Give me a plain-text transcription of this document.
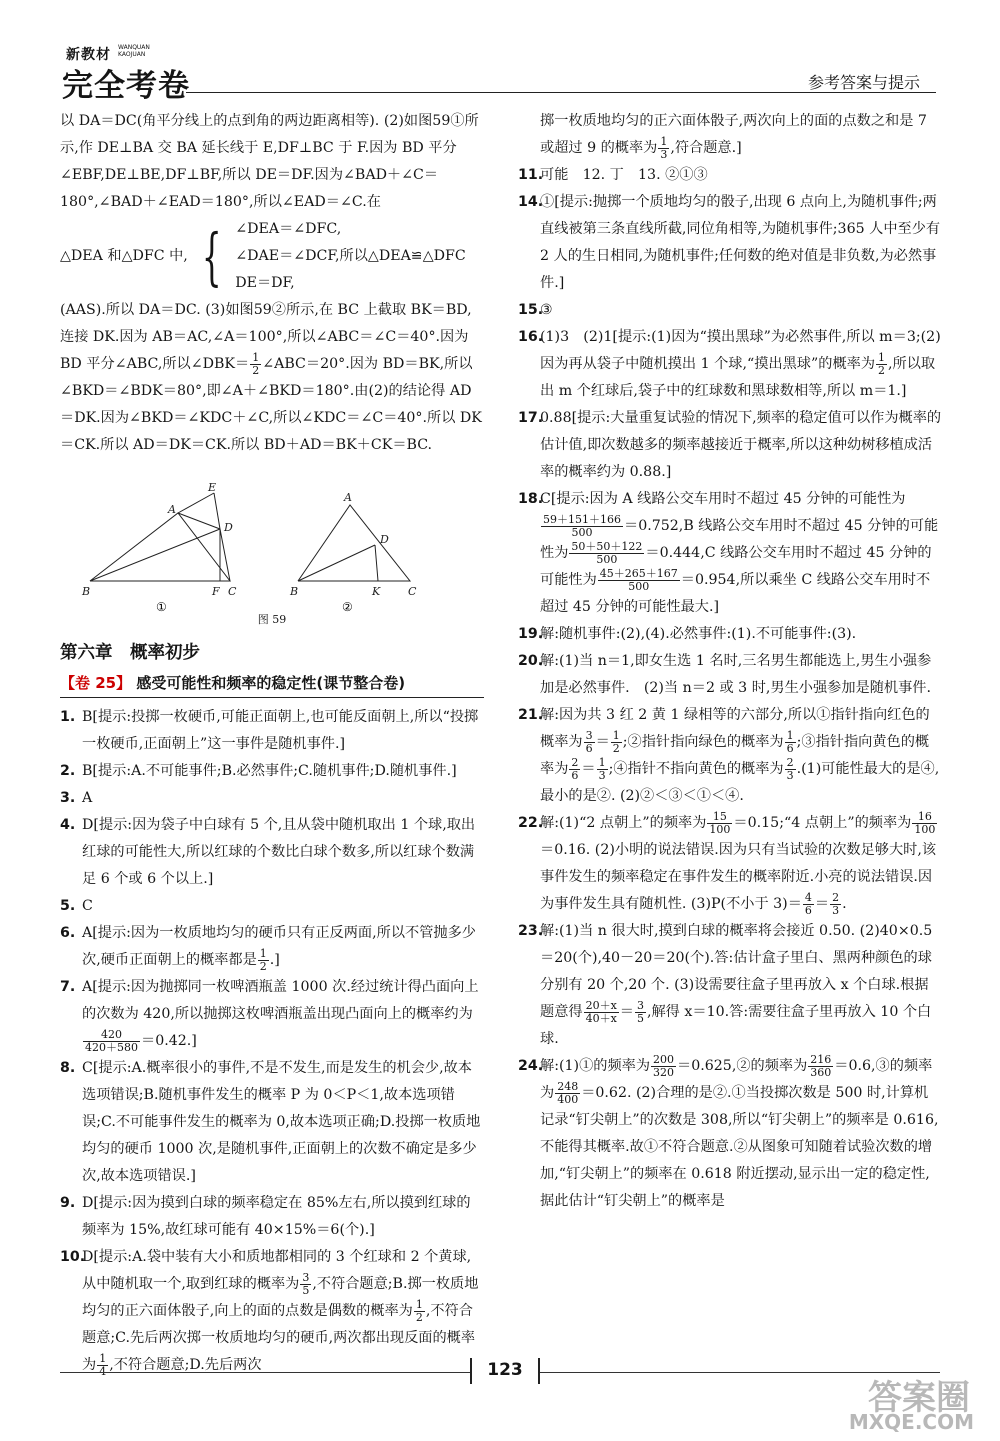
新教材 WANQUAN
KAOJUAN
完全考卷	参考答案与提示

以 DA＝DC(角平分线上的点到角的两边距离相等). (2)如图59①所示,作 DE⊥BA 交 BA 延长线于 E,DF⊥BC 于 F.因为 BD 平分∠EBF,DE⊥BE,DF⊥BF,所以 DE＝DF.因为∠BAD＋∠C＝180°,∠BAD＋∠EAD＝180°,所以∠EAD＝∠C.在

△DEA 和△DFC 中, { ∠DEA＝∠DFC,
∠DAE＝∠DCF,所以△DEA≌△DFC
DE＝DF,

(AAS).所以 DA＝DC. (3)如图59②所示,在 BC 上截取 BK＝BD,连接 DK.因为 AB＝AC,∠A＝100°,所以∠ABC＝∠C＝40°.因为 BD 平分∠ABC,所以∠DBK＝ $\frac{1}{2}$ ∠ABC＝20°.因为 BD＝BK,所以∠BKD＝∠BDK＝80°,即∠A＋∠BKD＝180°.由(2)的结论得 AD＝DK.因为∠BKD＝∠KDC＋∠C,所以∠KDC＝∠C＝40°.所以 DK＝CK.所以 AD＝DK＝CK.所以 BD＋AD＝BK＋CK＝BC.

E
A
D
B	F C
①
A
D
B	K	C
②
图 59
第六章　概率初步
【卷 25】 感受可能性和频率的稳定性(课节整合卷)
1. B[提示:投掷一枚硬币,可能正面朝上,也可能反面朝上,所以“投掷一枚硬币,正面朝上”这一事件是随机事件.]
2. B[提示:A.不可能事件;B.必然事件;C.随机事件;D.随机事件.]
3. A
4. D[提示:因为袋子中白球有 5 个,且从袋中随机取出 1 个球,取出红球的可能性大,所以红球的个数比白球个数多,所以红球个数满足 6 个或 6 个以上.]
5. C
6. A[提示:因为一枚质地均匀的硬币只有正反两面,所以不管抛多少次,硬币正面朝上的概率都是 $\frac{1}{2}$ .]
7. A[提示:因为抛掷同一枚啤酒瓶盖 1000 次.经过统计得凸面向上的次数为 420,所以抛掷这枚啤酒瓶盖出现凸面向上的概率约为
$\frac{420}{420+580} =0.42$.]
8. C[提示:A.概率很小的事件,不是不发生,而是发生的机会少,故本选项错误;B.随机事件发生的概率 P 为 0＜P＜1,故本选项错误;C.不可能事件发生的概率为 0,故本选项正确;D.投掷一枚质地均匀的硬币 1000 次,是随机事件,正面朝上的次数不确定是多少次,故本选项错误.]
9. D[提示:因为摸到白球的频率稳定在 85%左右,所以摸到红球的频率为 15%,故红球可能有 40×15%＝6(个).]
10.
D[提示:A.袋中装有大小和质地都相同的 3 个红球和 2 个黄球,从中随机取一个,取到红球的概率为 $\frac{3}{5}$ ,不符合题意;B.掷一枚质地均匀的正六面体骰子,向上的面的点数是偶数的概率为 $\frac{1}{2}$ ,不符合题意;C.先后两次掷一枚质地均匀的硬币,两次都出现反面的概率为 $\frac{1}{4}$ ,不符合题意;D.先后两次
掷一枚质地均匀的正六面体骰子,两次向上的面的点数之和是 7 或超过 9 的概率为 $\frac{1}{3}$ ,符合题意.]
11.
可能　12. 丁　13. ②①③
14.
①[提示:抛掷一个质地均匀的骰子,出现 6 点向上,为随机事件;两直线被第三条直线所截,同位角相等,为随机事件;365 人中至少有 2 人的生日相同,为随机事件;任何数的绝对值是非负数,为必然事件.]
15.
③
16.
(1)3　(2)1[提示:(1)因为“摸出黑球”为必然事件,所以 m＝3;(2)因为再从袋子中随机摸出 1 个球,“摸出黑球”的概率为 $\frac{1}{2}$ ,所以取出 m 个红球后,袋子中的红球数和黑球数相等,所以 m＝1.]
17.
0.88[提示:大量重复试验的情况下,频率的稳定值可以作为概率的估计值,即次数越多的频率越接近于概率,所以这种幼树移植成活率的概率约为 0.88.]
18.
C[提示:因为 A 线路公交车用时不超过 45 分钟的可能性为
$\frac{59+151+166}{500} =0.752,B$ 线路公交车用时不超过 45 分钟的可能性为 $\frac{50+50+122}{500} =0.444,C$ 线路公交车用时不超过 45 分钟的可能性为 $\frac{45+265+167}{500} =0.954$,所以乘坐 C 线路公交车用时不超过 45 分钟的可能性最大.]
19.
解:随机事件:(2),(4).必然事件:(1).不可能事件:(3).
20.
解:(1)当 n＝1,即女生选 1 名时,三名男生都能选上,男生小强参加是必然事件.　(2)当 n＝2 或 3 时,男生小强参加是随机事件.
21.
解:因为共 3 红 2 黄 1 绿相等的六部分,所以①指针指向红色的概率为 $\frac{3}{6} = \frac{1}{2}$ ;②指针指向绿色的概率为 $\frac{1}{6}$ ;③指针指向黄色的概率为 $\frac{2}{6} = \frac{1}{3}$ ;④指针不指向黄色的概率为 $\frac{2}{3} .(1)$可能性最大的是④,最小的是②. (2)②＜③＜①＜④.
22.
解:(1)“2 点朝上”的频率为 $\frac{15}{100}$ ＝0.15;“4 点朝上”的频率为 $\frac{16}{100}$
＝0.16. (2)小明的说法错误.因为只有当试验的次数足够大时,该事件发生的频率稳定在事件发生的概率附近.小亮的说法错误.因为事件发生具有随机性. (3)P(不小于 $3)= \frac{4}{6} = \frac{2}{3}$ .
23.
解:(1)当 n 很大时,摸到白球的概率将会接近 0.50. (2)40×0.5＝20(个),40－20＝20(个).答:估计盒子里白、黑两种颜色的球分别有 20 个,20 个. (3)设需要往盒子里再放入 x 个白球.根据题意得 $\frac{20+x}{40+x} = \frac{3}{5}$ ,解得 x＝10.答:需要往盒子里再放入 10 个白球.
24.
解:(1)①的频率为 $\frac{200}{320}$ ＝0.625,②的频率为 $\frac{216}{360}$ ＝0.6,③的频率为 $\frac{248}{400} =0.62$. (2)合理的是②.①当投掷次数是 500 时,计算机记录“钉尖朝上”的次数是 308,所以“钉尖朝上”的频率是 0.616,不能得其概率.故①不符合题意.②从图象可知随着试验次数的增加,“钉尖朝上”的频率在 0.618 附近摆动,显示出一定的稳定性,据此估计“钉尖朝上”的概率是
123
答案圈
MXQE.COM
